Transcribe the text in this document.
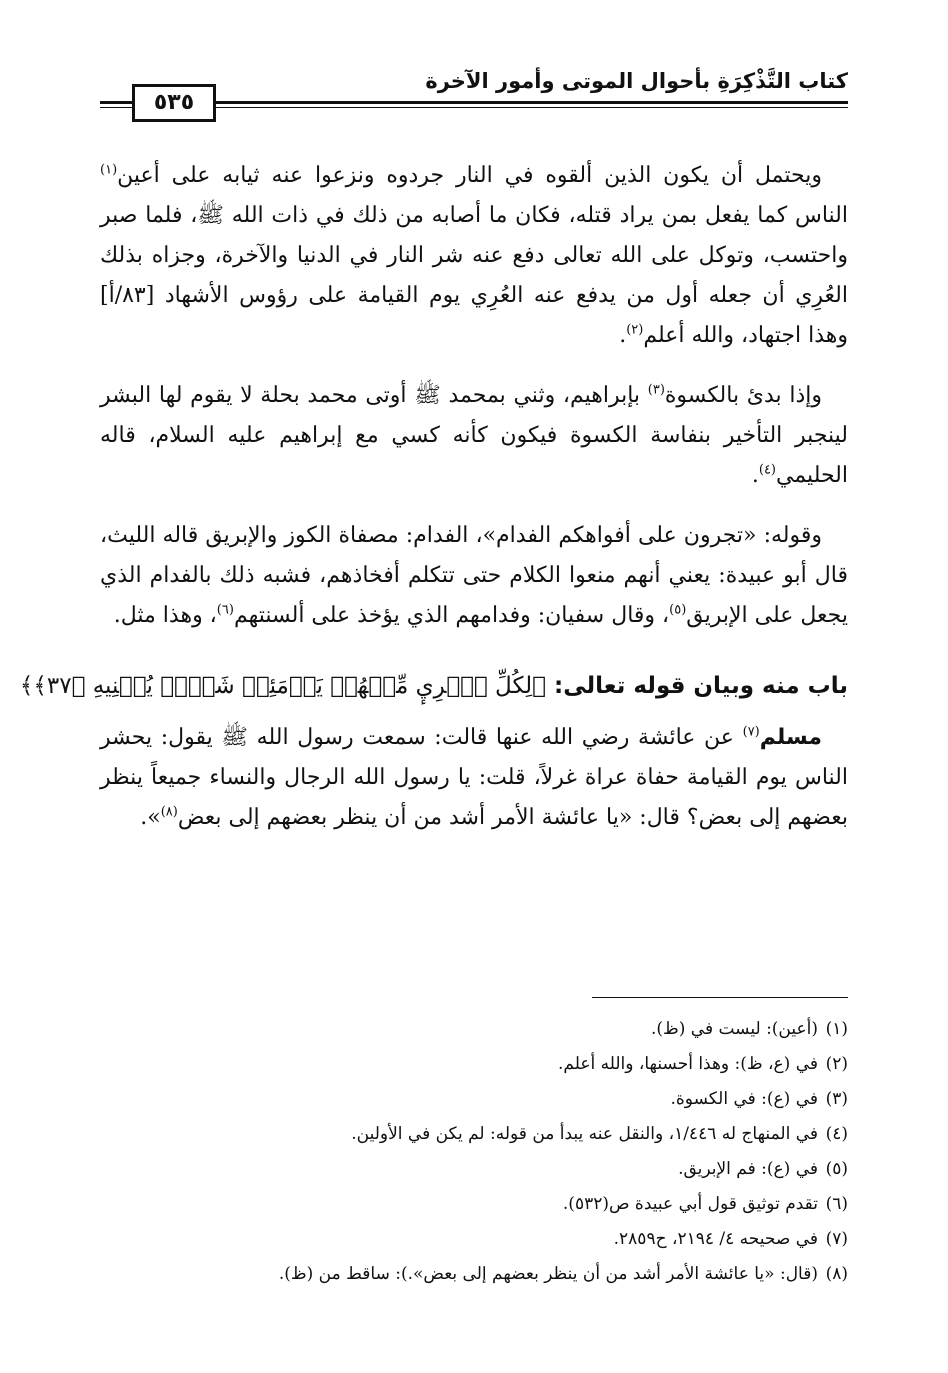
كتاب التَّذْكِرَةِ بأحوال الموتى وأمور الآخرة
٥٣٥

ويحتمل أن يكون الذين ألقوه في النار جردوه ونزعوا عنه ثيابه على أعين$^{(١)}$ الناس كما يفعل بمن يراد قتله، فكان ما أصابه من ذلك في ذات الله ﷺ، فلما صبر واحتسب، وتوكل على الله تعالى دفع عنه شر النار في الدنيا والآخرة، وجزاه بذلك العُرِي أن جعله أول من يدفع عنه العُرِي يوم القيامة على رؤوس الأشهاد [٨٣/أ] وهذا اجتهاد، والله أعلم$^{(٢)}$.

وإذا بدئ بالكسوة$^{(٣)}$ بإبراهيم، وثني بمحمد ﷺ أوتى محمد بحلة لا يقوم لها البشر لينجبر التأخير بنفاسة الكسوة فيكون كأنه كسي مع إبراهيم عليه السلام، قاله الحليمي$^{(٤)}$.

وقوله: «تجرون على أفواهكم الفدام»، الفدام: مصفاة الكوز والإبريق قاله الليث، قال أبو عبيدة: يعني أنهم منعوا الكلام حتى تتكلم أفخاذهم، فشبه ذلك بالفدام الذي يجعل على الإبريق$^{(٥)}$، وقال سفيان: وفدامهم الذي يؤخذ على ألسنتهم$^{(٦)}$، وهذا مثل.

باب منه وبيان قوله تعالى: ﴿لِكُلِّ ٱمۡرِيٕ مِّنۡهُمۡ يَوۡمَئِذٖ شَأۡنٞ يُغۡنِيهِ ﴿٣٧﴾﴾

مسلم$^{(٧)}$ عن عائشة رضي الله عنها قالت: سمعت رسول الله ﷺ يقول: يحشر الناس يوم القيامة حفاة عراة غرلاً، قلت: يا رسول الله الرجال والنساء جميعاً ينظر بعضهم إلى بعض؟ قال: «يا عائشة الأمر أشد من أن ينظر بعضهم إلى بعض$^{(٨)}$».

(١)(أعين): ليست في (ظ).
(٢)في (ع، ظ): وهذا أحسنها، والله أعلم.
(٣)في (ع): في الكسوة.
(٤)في المنهاج له ١/٤٤٦، والنقل عنه يبدأ من قوله: لم يكن في الأولين.
(٥)في (ع): فم الإبريق.
(٦)تقدم توثيق قول أبي عبيدة ص(٥٣٢).
(٧)في صحيحه ٤/ ٢١٩٤، ح٢٨٥٩.
(٨)(قال: «يا عائشة الأمر أشد من أن ينظر بعضهم إلى بعض».): ساقط من (ظ).
